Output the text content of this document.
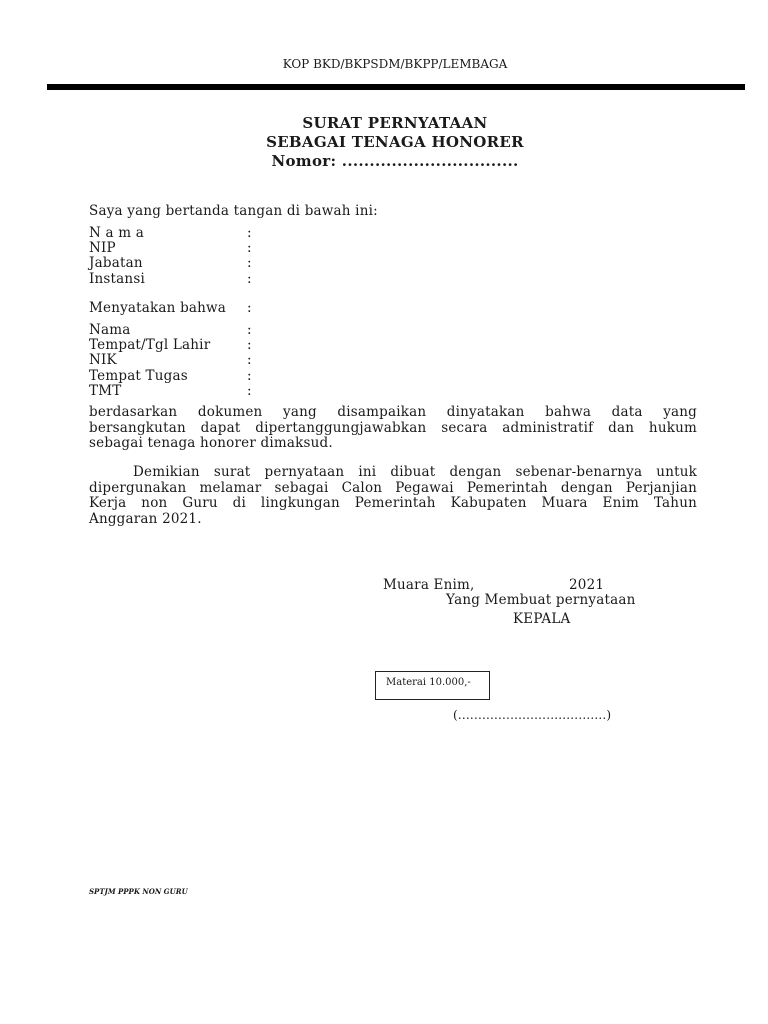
KOP BKD/BKPSDM/BKPP/LEMBAGA
SURAT PERNYATAAN
SEBAGAI TENAGA HONORER
Nomor: ................................
Saya yang bertanda tangan di bawah ini:
N a m a	:
NIP	:
Jabatan	:
Instansi	:
Menyatakan bahwa :
Nama	:
Tempat/Tgl Lahir	:
NIK	:
Tempat Tugas	:
TMT	:
berdasarkan dokumen yang disampaikan dinyatakan bahwa data yang
bersangkutan dapat dipertanggungjawabkan secara administratif dan hukum
sebagai tenaga honorer dimaksud.
Demikian surat pernyataan ini dibuat dengan sebenar-benarnya untuk
dipergunakan melamar sebagai Calon Pegawai Pemerintah dengan Perjanjian
Kerja non Guru di lingkungan Pemerintah Kabupaten Muara Enim Tahun
Anggaran 2021.
Muara Enim,	2021
Yang Membuat pernyataan
KEPALA
Materai 10.000,-
(.....................................)
SPTJM PPPK NON GURU
